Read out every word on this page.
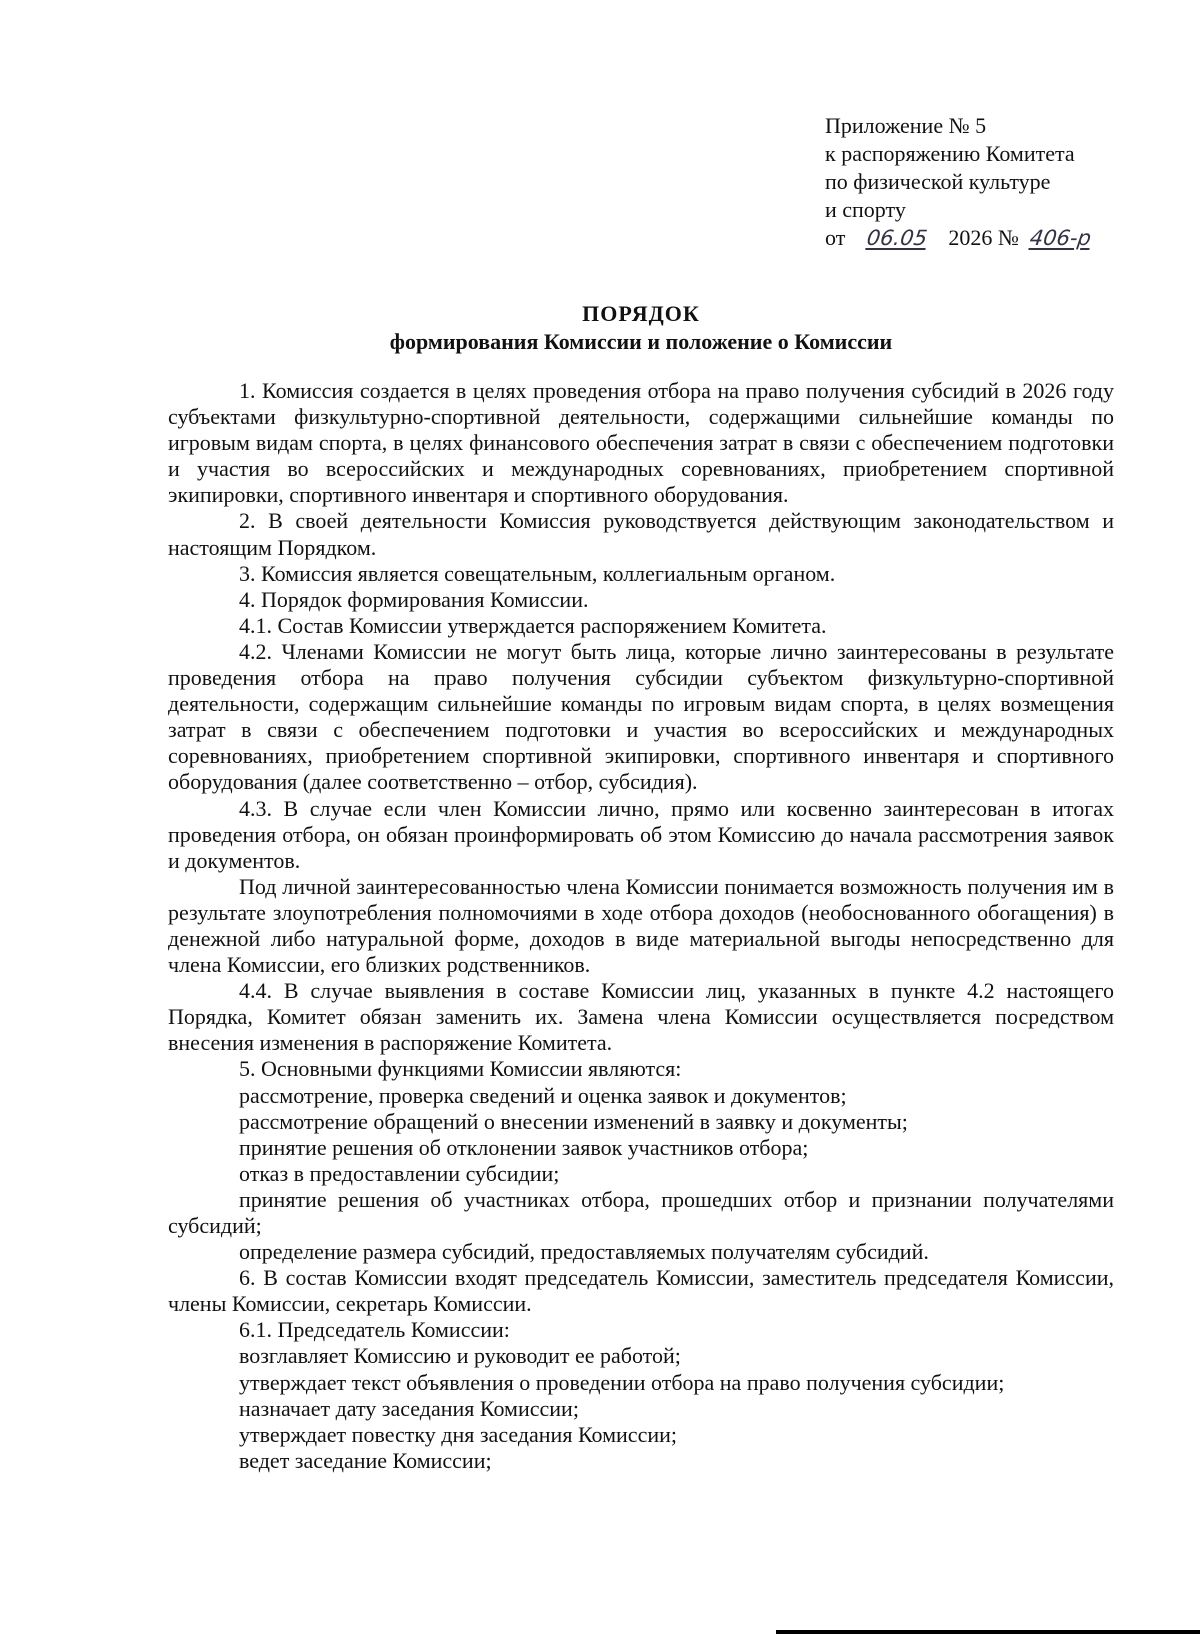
Приложение № 5
к распоряжению Комитета
по физической культуре
и спорту
от 06.05 2026 № 406-р
ПОРЯДОК
формирования Комиссии и положение о Комиссии

1. Комиссия создается в целях проведения отбора на право получения субсидий в 2026 году субъектами физкультурно-спортивной деятельности, содержащими сильнейшие команды по игровым видам спорта, в целях финансового обеспечения затрат в связи с обеспечением подготовки и участия во всероссийских и международных соревнованиях, приобретением спортивной экипировки, спортивного инвентаря и спортивного оборудования.

2. В своей деятельности Комиссия руководствуется действующим законодательством и настоящим Порядком.

3. Комиссия является совещательным, коллегиальным органом.

4. Порядок формирования Комиссии.

4.1. Состав Комиссии утверждается распоряжением Комитета.

4.2. Членами Комиссии не могут быть лица, которые лично заинтересованы в результате проведения отбора на право получения субсидии субъектом физкультурно-спортивной деятельности, содержащим сильнейшие команды по игровым видам спорта, в целях возмещения затрат в связи с обеспечением подготовки и участия во всероссийских и международных соревнованиях, приобретением спортивной экипировки, спортивного инвентаря и спортивного оборудования (далее соответственно – отбор, субсидия).

4.3. В случае если член Комиссии лично, прямо или косвенно заинтересован в итогах проведения отбора, он обязан проинформировать об этом Комиссию до начала рассмотрения заявок и документов.

Под личной заинтересованностью члена Комиссии понимается возможность получения им в результате злоупотребления полномочиями в ходе отбора доходов (необоснованного обогащения) в денежной либо натуральной форме, доходов в виде материальной выгоды непосредственно для члена Комиссии, его близких родственников.

4.4. В случае выявления в составе Комиссии лиц, указанных в пункте 4.2 настоящего Порядка, Комитет обязан заменить их. Замена члена Комиссии осуществляется посредством внесения изменения в распоряжение Комитета.

5. Основными функциями Комиссии являются:

рассмотрение, проверка сведений и оценка заявок и документов;

рассмотрение обращений о внесении изменений в заявку и документы;

принятие решения об отклонении заявок участников отбора;

отказ в предоставлении субсидии;

принятие решения об участниках отбора, прошедших отбор и признании получателями субсидий;

определение размера субсидий, предоставляемых получателям субсидий.

6. В состав Комиссии входят председатель Комиссии, заместитель председателя Комиссии, члены Комиссии, секретарь Комиссии.

6.1. Председатель Комиссии:

возглавляет Комиссию и руководит ее работой;

утверждает текст объявления о проведении отбора на право получения субсидии;

назначает дату заседания Комиссии;

утверждает повестку дня заседания Комиссии;

ведет заседание Комиссии;
